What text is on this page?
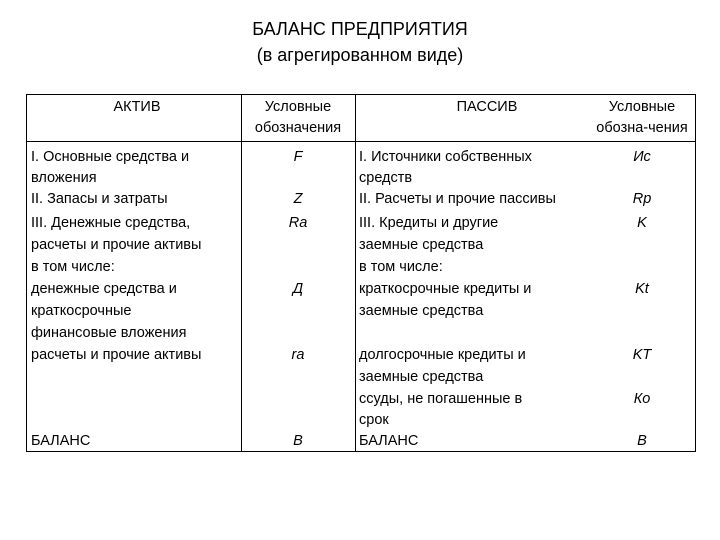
БАЛАНС ПРЕДПРИЯТИЯ
(в агрегированном виде)
АКТИВ	Условные
обозначения
ПАССИВ	Условные
обозна-чения
I. Основные средства и
вложения
II. Запасы и затраты
III. Денежные средства,
расчеты и прочие активы
в том числе:
денежные средства и
краткосрочные
финансовые вложения
расчеты и прочие активы
БАЛАНС
F
Z
Ra
Д
ra
B
I. Источники собственных
средств
II. Расчеты и прочие пассивы
III. Кредиты и другие
заемные средства
в том числе:
краткосрочные кредиты и
заемные средства
долгосрочные кредиты и
заемные средства
ссуды, не погашенные в
срок
БАЛАНС
Ис
Rp
K
Kt
KT
Ко
B
